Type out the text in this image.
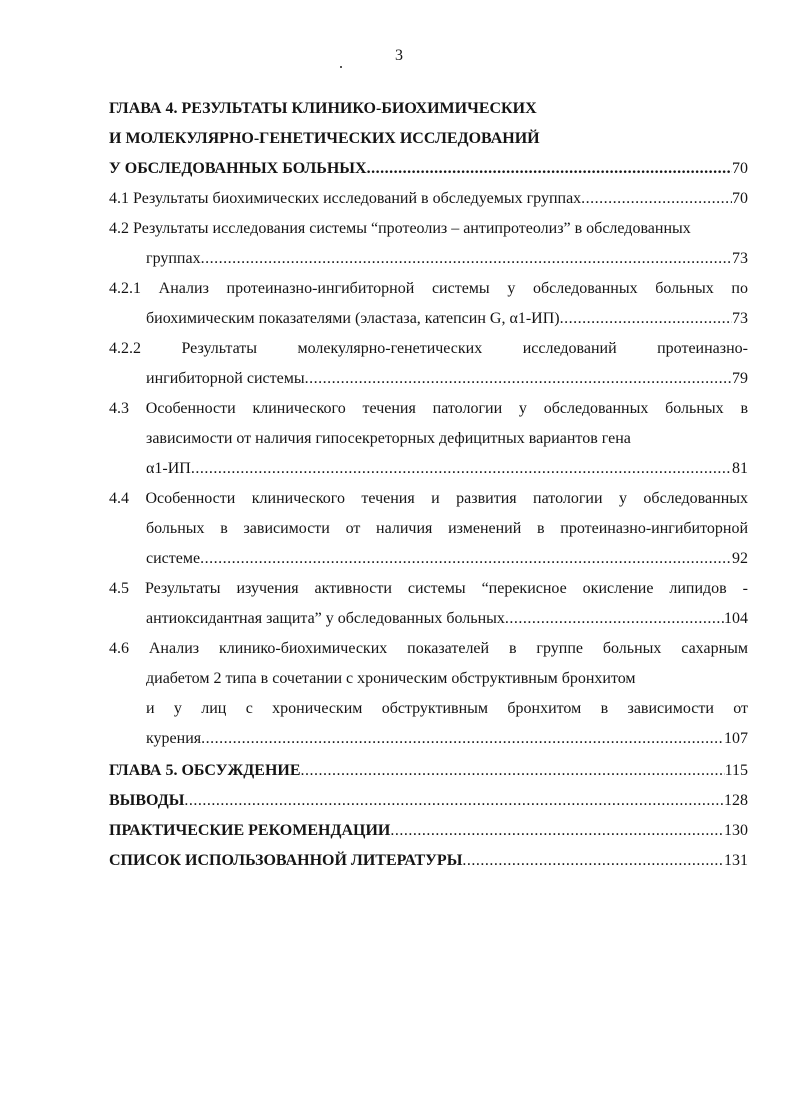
3
ГЛАВА 4. РЕЗУЛЬТАТЫ КЛИНИКО-БИОХИМИЧЕСКИХ
И МОЛЕКУЛЯРНО-ГЕНЕТИЧЕСКИХ ИССЛЕДОВАНИЙ
У ОБСЛЕДОВАННЫХ БОЛЬНЫХ .....	70
4.1 Результаты биохимических исследований в обследуемых группах .....	70
4.2 Результаты исследования системы “протеолиз – антипротеолиз” в обследованных
группах .....	73
4.2.1 Анализ протеиназно-ингибиторной системы у обследованных больных по
биохимическим показателями (эластаза, катепсин G, α1-ИП) .....	73
4.2.2    Результаты    молекулярно-генетических    исследований    протеиназно-
ингибиторной системы .....	79
4.3 Особенности клинического течения патологии у обследованных больных в
зависимости от наличия гипосекреторных дефицитных вариантов гена
α1-ИП .....	81
4.4 Особенности клинического течения и развития патологии у обследованных
больных в зависимости от наличия изменений в протеиназно-ингибиторной
системе .....	92
4.5 Результаты изучения активности системы “перекисное окисление липидов -
антиоксидантная защита” у обследованных больных .....	104
4.6 Анализ клинико-биохимических показателей в группе больных сахарным
диабетом 2 типа в сочетании с хроническим обструктивным бронхитом
и у лиц с хроническим обструктивным бронхитом в зависимости от
курения .....	107
ГЛАВА 5. ОБСУЖДЕНИЕ .....	115
ВЫВОДЫ .....	128
ПРАКТИЧЕСКИЕ РЕКОМЕНДАЦИИ .....	130
СПИСОК ИСПОЛЬЗОВАННОЙ ЛИТЕРАТУРЫ .....	131
